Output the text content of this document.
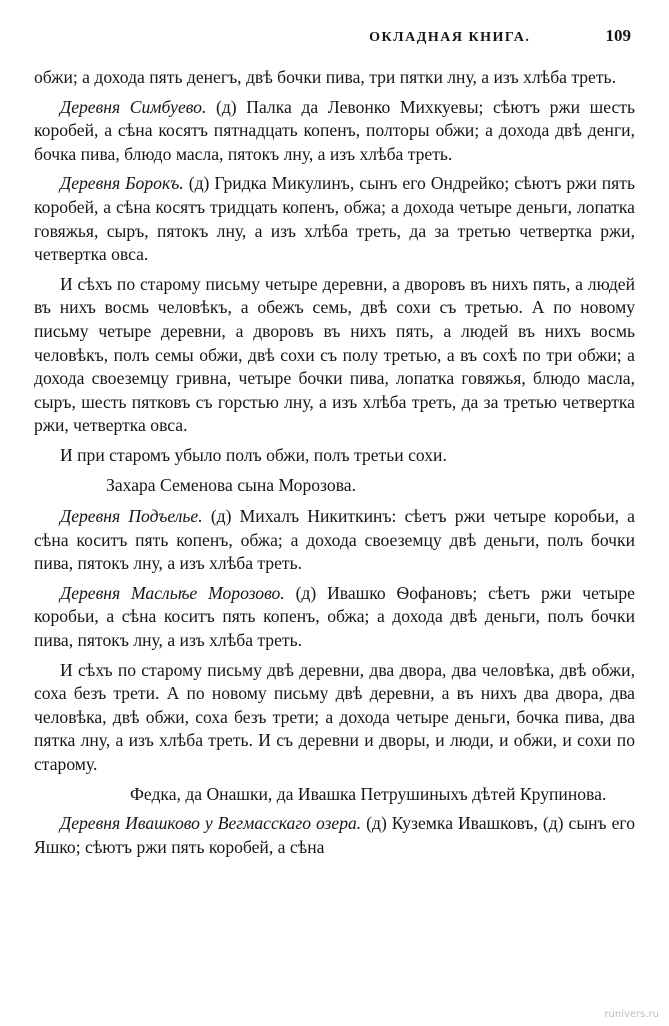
ОКЛАДНАЯ КНИГА.	109

обжи; а дохода пять денегъ, двѣ бочки пива, три пятки лну, а изъ хлѣба треть.

Деревня Симбуево. (д) Палка да Левонко Михкуевы; сѣютъ ржи шесть коробей, а сѣна косятъ пятнадцать копенъ, полторы обжи; а дохода двѣ денги, бочка пива, блюдо масла, пятокъ лну, а изъ хлѣба треть.

Деревня Борокъ. (д) Гридка Микулинъ, сынъ его Ондрейко; сѣютъ ржи пять коробей, а сѣна косятъ тридцать копенъ, обжа; а дохода четыре деньги, лопатка говяжья, сыръ, пятокъ лну, а изъ хлѣба треть, да за третью четвертка ржи, четвертка овса.

И сѣхъ по старому письму четыре деревни, а дворовъ въ нихъ пять, а людей въ нихъ восмь человѣкъ, а обежъ семь, двѣ сохи съ третью. А по новому письму четыре деревни, а дворовъ въ нихъ пять, а людей въ нихъ восмь человѣкъ, полъ семы обжи, двѣ сохи съ полу третью, а въ сохѣ по три обжи; а дохода своеземцу гривна, четыре бочки пива, лопатка говяжья, блюдо масла, сыръ, шесть пятковъ съ горстью лну, а изъ хлѣба треть, да за третью четвертка ржи, четвертка овса.

И при старомъ убыло полъ обжи, полъ третьи сохи.

Захара Семенова сына Морозова.

Деревня Подъелье. (д) Михалъ Никиткинъ: сѣетъ ржи четыре коробьи, а сѣна коситъ пять копенъ, обжа; а дохода своеземцу двѣ деньги, полъ бочки пива, пятокъ лну, а изъ хлѣба треть.

Деревня Масльѣе Морозово. (д) Ивашко Ѳофановъ; сѣетъ ржи четыре коробьи, а сѣна коситъ пять копенъ, обжа; а дохода двѣ деньги, полъ бочки пива, пятокъ лну, а изъ хлѣба треть.

И сѣхъ по старому письму двѣ деревни, два двора, два человѣка, двѣ обжи, соха безъ трети. А по новому письму двѣ деревни, а въ нихъ два двора, два человѣка, двѣ обжи, соха безъ трети; а дохода четыре деньги, бочка пива, два пятка лну, а изъ хлѣба треть. И съ деревни и дворы, и люди, и обжи, и сохи по старому.

Федка, да Онашки, да Ивашка Петрушиныхъ дѣтей Крупинова.

Деревня Ивашково у Вегмасскаго озера. (д) Куземка Ивашковъ, (д) сынъ его Яшко; сѣютъ ржи пять коробей, а сѣна

runivers.ru
